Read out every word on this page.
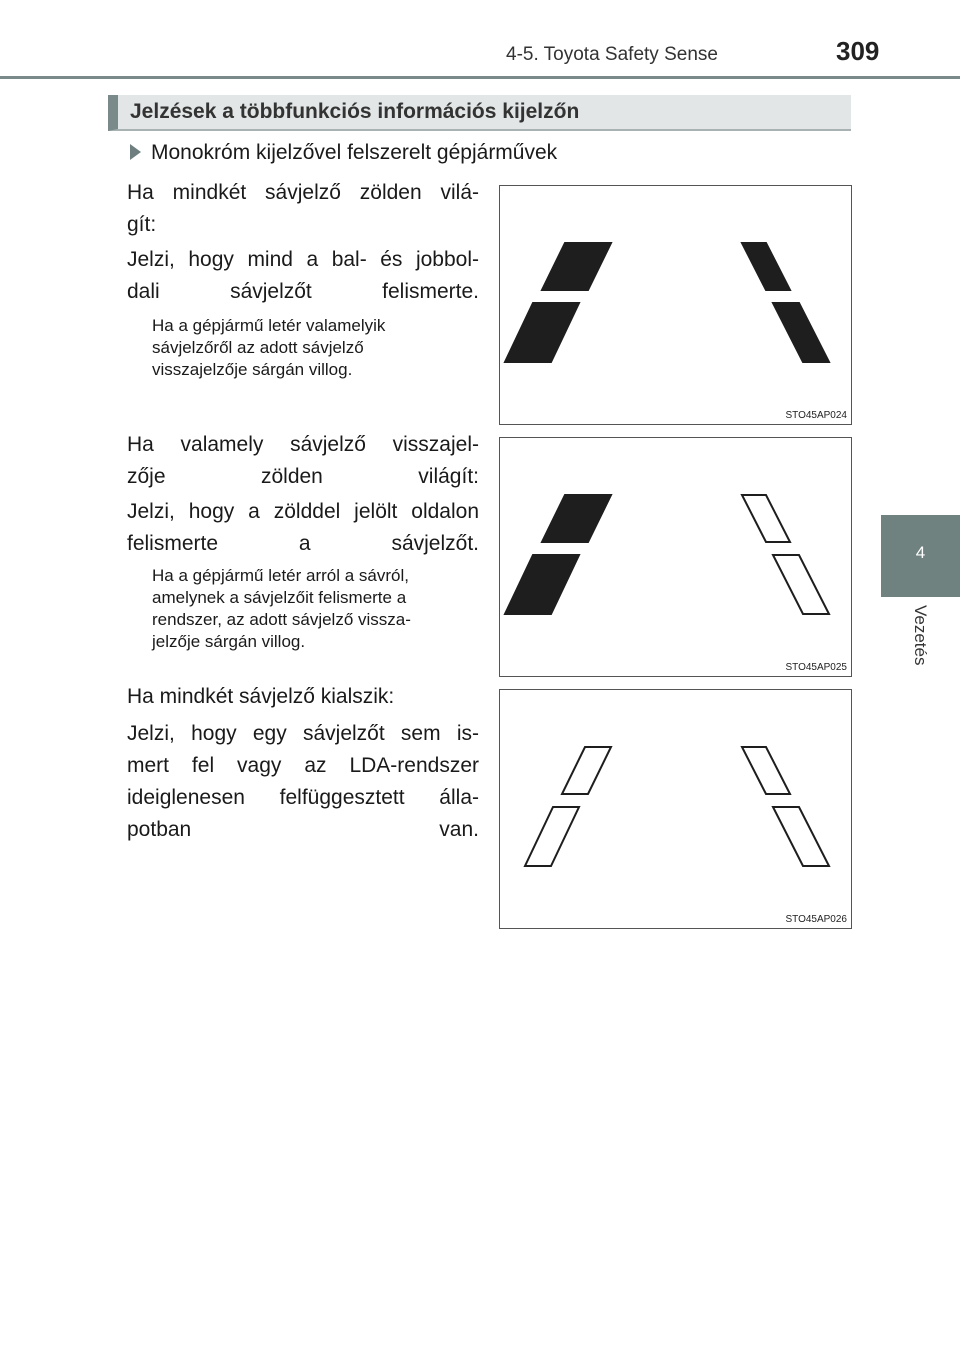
4-5. Toyota Safety Sense	309
4
Vezetés
Jelzések a többfunkciós információs kijelzőn
Monokróm kijelzővel felszerelt gépjárművek

Ha mindkét sávjelző zölden vilá-
gít:

Jelzi, hogy mind a bal- és jobbol-
dali sávjelzőt felismerte.

Ha a gépjármű letér valamelyik
sávjelzőről az adott sávjelző
visszajelzője sárgán villog.

Ha valamely sávjelző visszajel-
zője zölden világít:

Jelzi, hogy a zölddel jelölt oldalon
felismerte a sávjelzőt.

Ha a gépjármű letér arról a sávról,
amelynek a sávjelzőit felismerte a
rendszer, az adott sávjelző vissza-
jelzője sárgán villog.

Ha mindkét sávjelző kialszik:

Jelzi, hogy egy sávjelzőt sem is-
mert fel vagy az LDA-rendszer
ideiglenesen felfüggesztett álla-
potban van.

STO45AP024
STO45AP025
STO45AP026
